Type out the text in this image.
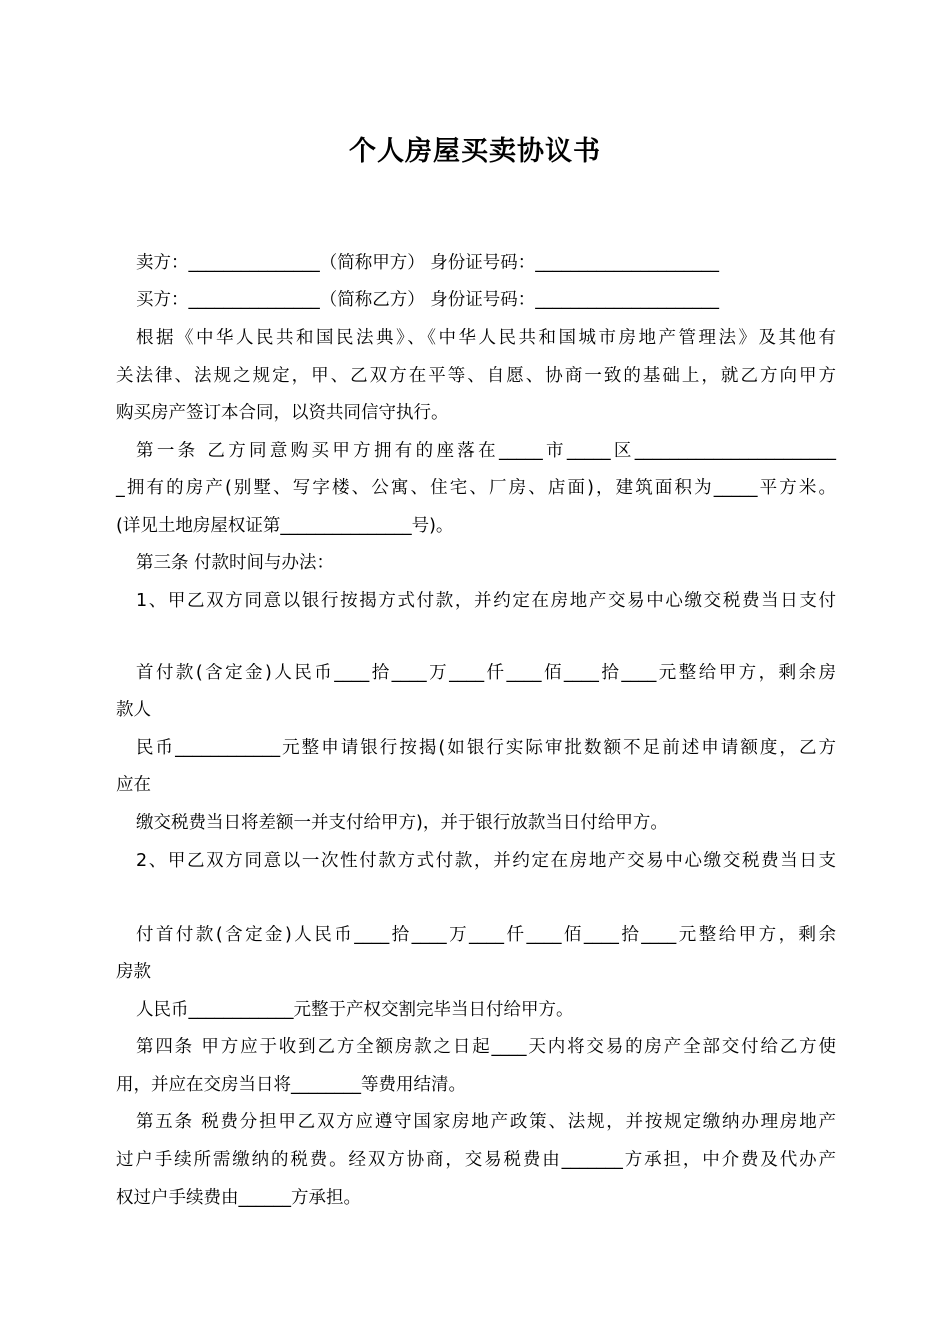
个人房屋买卖协议书
卖方：_______________（简称甲方） 身份证号码：_____________________
买方：_______________（简称乙方） 身份证号码：_____________________
根据《中华人民共和国民法典》、《中华人民共和国城市房地产管理法》及其他有
关法律、法规之规定，甲、乙双方在平等、自愿、协商一致的基础上，就乙方向甲方
购买房产签订本合同，以资共同信守执行。
第一条 乙方同意购买甲方拥有的座落在_____市_____区_______________________
_拥有的房产(别墅、写字楼、公寓、住宅、厂房、店面)，建筑面积为_____平方米。
(详见土地房屋权证第_______________号)。
第三条 付款时间与办法：
1、甲乙双方同意以银行按揭方式付款，并约定在房地产交易中心缴交税费当日支付
首付款(含定金)人民币____拾____万____仟____佰____拾____元整给甲方，剩余房
款人
民币____________元整申请银行按揭(如银行实际审批数额不足前述申请额度，乙方
应在
缴交税费当日将差额一并支付给甲方)，并于银行放款当日付给甲方。
2、甲乙双方同意以一次性付款方式付款，并约定在房地产交易中心缴交税费当日支
付首付款(含定金)人民币____拾____万____仟____佰____拾____元整给甲方，剩余
房款
人民币____________元整于产权交割完毕当日付给甲方。
第四条 甲方应于收到乙方全额房款之日起____天内将交易的房产全部交付给乙方使
用，并应在交房当日将________等费用结清。
第五条 税费分担甲乙双方应遵守国家房地产政策、法规，并按规定缴纳办理房地产
过户手续所需缴纳的税费。经双方协商，交易税费由_______方承担，中介费及代办产
权过户手续费由______方承担。
